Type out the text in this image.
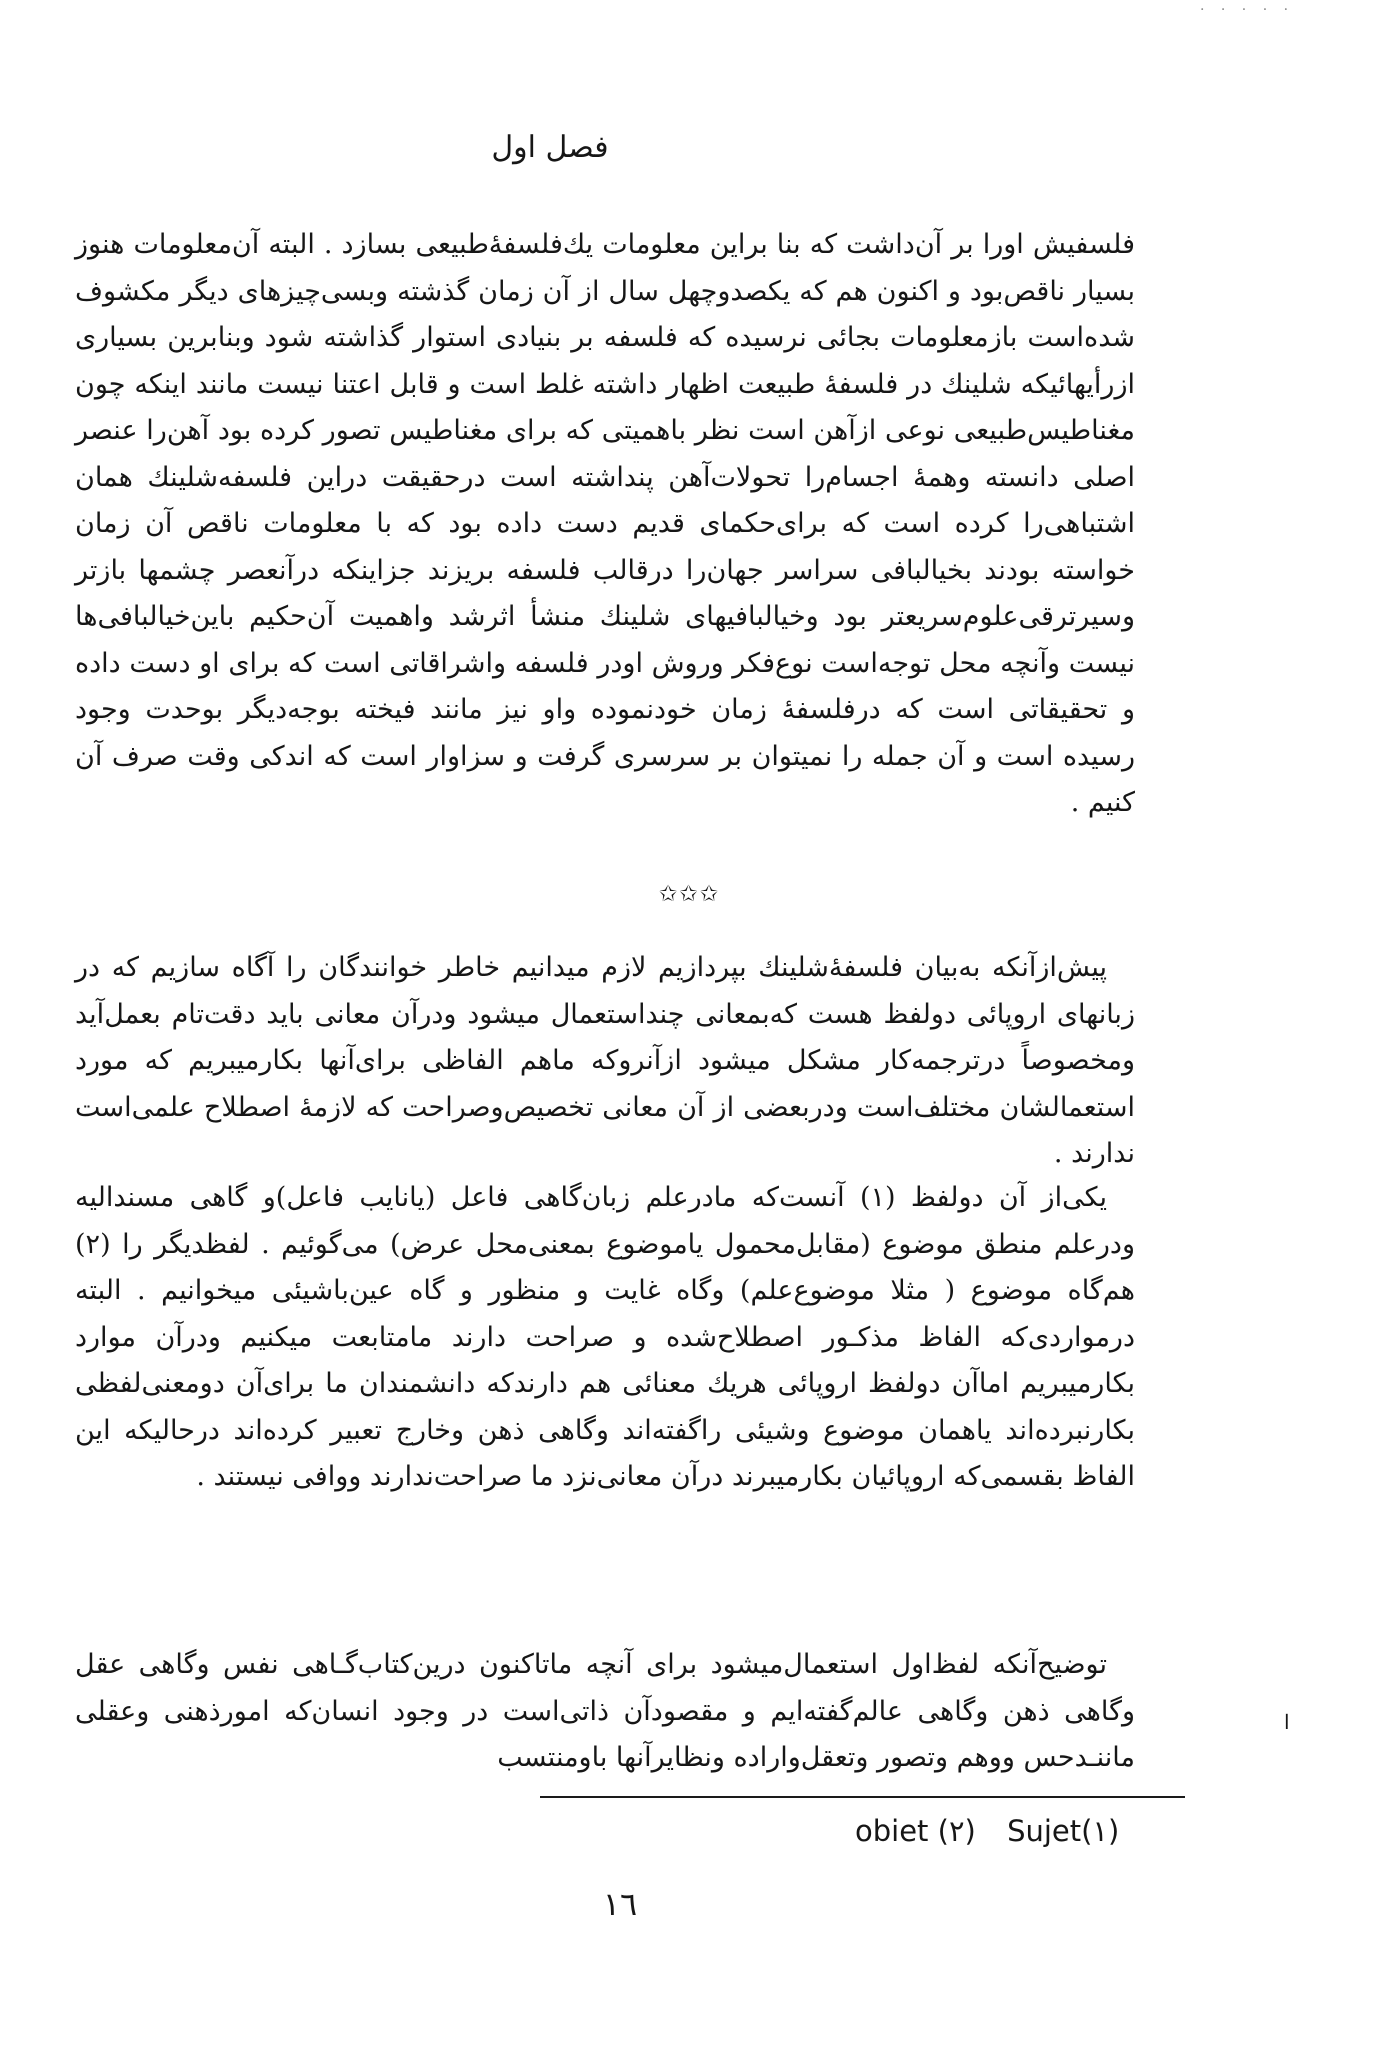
· · · · ·
فصل اول
فلسفیش اورا بر آن‌داشت که بنا براین معلومات یك‌فلسفهٔ‌طبیعی بسازد . البته آن‌معلومات هنوز بسیار ناقص‌بود و اکنون هم که یکصدوچهل سال از آن زمان گذشته وبسی‌چیزهای دیگر مکشوف شده‌است بازمعلومات بجائی نرسیده که فلسفه بر بنیادی استوار گذاشته شود وبنابرین بسیاری ازرأیهائیکه شلینك در فلسفهٔ طبیعت اظهار داشته غلط است و قابل اعتنا نیست مانند اینکه چون مغناطیس‌طبیعی نوعی ازآهن است نظر باهمیتی که برای مغناطیس تصور کرده بود آهن‌را عنصر اصلی دانسته وهمهٔ اجسام‌را تحولات‌آهن پنداشته است درحقیقت دراین فلسفه‌شلینك همان اشتباهی‌را کرده است که برای‌حکمای قدیم دست داده بود که با معلومات ناقص آن زمان خواسته بودند بخیالبافی سراسر جهان‌را درقالب فلسفه بریزند جزاینکه درآنعصر چشمها بازتر وسیرترقی‌علوم‌سریعتر بود وخیالبافیهای شلینك منشأ اثرشد واهمیت آن‌حکیم باین‌خیالبافی‌ها نیست وآنچه محل توجه‌است نوع‌فکر وروش اودر فلسفه واشراقاتی است که برای او دست داده و تحقیقاتی است که درفلسفهٔ زمان خودنموده واو نیز مانند فیخته بوجه‌دیگر بوحدت وجود رسیده است و آن جمله را نمیتوان بر سرسری گرفت و سزاوار است که اندکی وقت صرف آن کنیم .
✩✩✩
پیش‌ازآنکه به‌بیان فلسفهٔ‌شلینك بپردازیم لازم میدانیم خاطر خوانندگان را آگاه سازیم که در زبانهای اروپائی دولفظ هست که‌بمعانی چندا‌ستعمال میشود ودرآن معانی باید دقت‌تام بعمل‌آید ومخصوصاً درترجمه‌کار مشکل میشود ازآنروکه ماهم الفاظی برای‌آنها بکارمیبریم که مورد استعمالشان مختلف‌است ودربعضی از آن معانی تخصیص‌وصراحت که لازمهٔ اصطلاح علمی‌است ندارند .
یکی‌از آن دولفظ (۱) آنست‌که مادرعلم زبان‌گاهی فاعل (یانایب فاعل)و گاهی مسندالیه ودرعلم منطق موضوع (مقابل‌محمول یاموضوع بمعنی‌محل عرض) می‌گوئیم . لفظدیگر را (۲) هم‌گاه موضوع ( مثلا موضوع‌علم) وگاه غایت و منظور و گاه عین‌باشیئی میخوانیم . البته درمواردی‌که الفاظ مذکـور اصطلاح‌شده و صراحت دارند مامتابعت میکنیم ودرآن موارد بکارمیبریم اماآن دولفظ اروپائی هریك معنائی هم دارندکه دانشمندان ما برای‌آن دومعنی‌لفظی بکارنبرده‌اند یاهمان موضوع وشیئی راگفته‌اند وگاهی ذهن وخارج تعبیر کرده‌اند درحالیکه این الفاظ بقسمی‌که اروپائیان بکارمیبرند درآن معانی‌نزد ما صراحت‌ندارند ووافی نیستند .
توضیح‌آنکه لفظ‌اول استعمال‌میشود برای آنچه ماتاکنون درین‌کتاب‌گـاهی نفس وگاهی عقل وگاهی ذهن وگاهی عالم‌گفته‌ایم و مقصودآن ذاتی‌است در وجود انسان‌که امورذهنی وعقلی ماننـدحس ووهم وتصور وتعقل‌واراده ونظایرآنها باومنتسب
ا
obiet (۲) Sujet(۱)
۱٦
